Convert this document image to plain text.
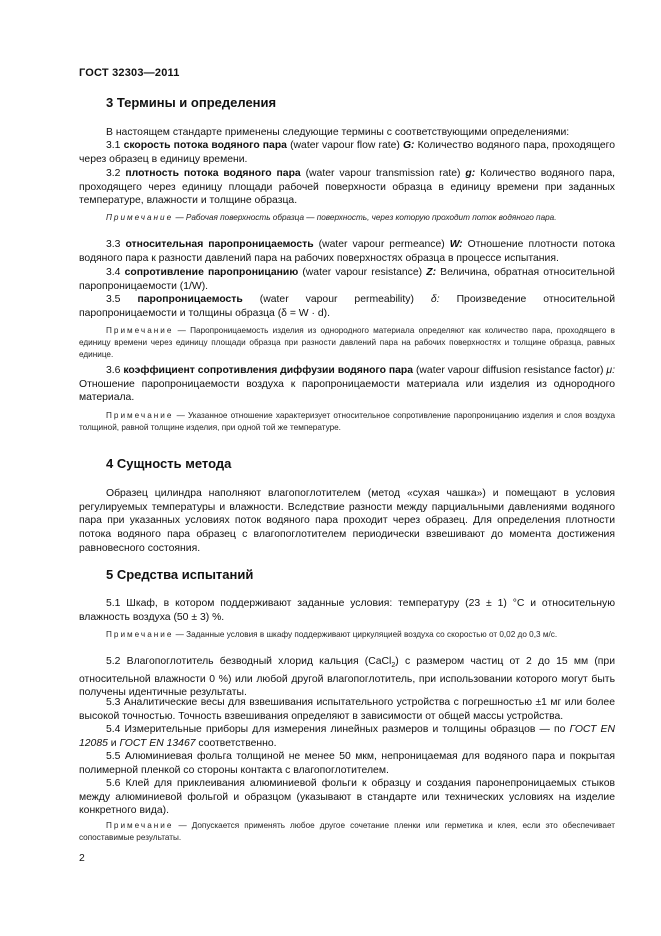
ГОСТ 32303—2011
3 Термины и определения
В настоящем стандарте применены следующие термины с соответствующими определениями:
3.1 скорость потока водяного пара (water vapour flow rate) G: Количество водяного пара, проходящего через образец в единицу времени.
3.2 плотность потока водяного пара (water vapour transmission rate) g: Количество водяного пара, проходящего через единицу площади рабочей поверхности образца в единицу времени при заданных температуре, влажности и толщине образца.
Примечание — Рабочая поверхность образца — поверхность, через которую проходит поток водяного пара.
3.3 относительная паропроницаемость (water vapour permeance) W: Отношение плотности потока водяного пара к разности давлений пара на рабочих поверхностях образца в процессе испытания.
3.4 сопротивление паропроницанию (water vapour resistance) Z: Величина, обратная относительной паропроницаемости (1/W).
3.5 паропроницаемость (water vapour permeability) δ: Произведение относительной паропроницаемости и толщины образца (δ = W · d).
Примечание — Паропроницаемость изделия из однородного материала определяют как количество пара, проходящего в единицу времени через единицу площади образца при разности давлений пара на рабочих поверхностях и толщине образца, равных единице.
3.6 коэффициент сопротивления диффузии водяного пара (water vapour diffusion resistance factor) μ: Отношение паропроницаемости воздуха к паропроницаемости материала или изделия из однородного материала.
Примечание — Указанное отношение характеризует относительное сопротивление паропроницанию изделия и слоя воздуха толщиной, равной толщине изделия, при одной той же температуре.
4 Сущность метода
Образец цилиндра наполняют влагопоглотителем (метод «сухая чашка») и помещают в условия регулируемых температуры и влажности. Вследствие разности между парциальными давлениями водяного пара при указанных условиях поток водяного пара проходит через образец. Для определения плотности потока водяного пара образец с влагопоглотителем периодически взвешивают до момента достижения равновесного состояния.
5 Средства испытаний
5.1 Шкаф, в котором поддерживают заданные условия: температуру (23 ± 1) °C и относительную влажность воздуха (50 ± 3) %.
Примечание — Заданные условия в шкафу поддерживают циркуляцией воздуха со скоростью от 0,02 до 0,3 м/с.
5.2 Влагопоглотитель безводный хлорид кальция (CaCl$_2$) с размером частиц от 2 до 15 мм (при относительной влажности 0 %) или любой другой влагопоглотитель, при использовании которого могут быть получены идентичные результаты.
5.3 Аналитические весы для взвешивания испытательного устройства с погрешностью ±1 мг или более высокой точностью. Точность взвешивания определяют в зависимости от общей массы устройства.
5.4 Измерительные приборы для измерения линейных размеров и толщины образцов — по ГОСТ EN 12085 и ГОСТ EN 13467 соответственно.
5.5 Алюминиевая фольга толщиной не менее 50 мкм, непроницаемая для водяного пара и покрытая полимерной пленкой со стороны контакта с влагопоглотителем.
5.6 Клей для приклеивания алюминиевой фольги к образцу и создания паронепроницаемых стыков между алюминиевой фольгой и образцом (указывают в стандарте или технических условиях на изделие конкретного вида).
Примечание — Допускается применять любое другое сочетание пленки или герметика и клея, если это обеспечивает сопоставимые результаты.
2
